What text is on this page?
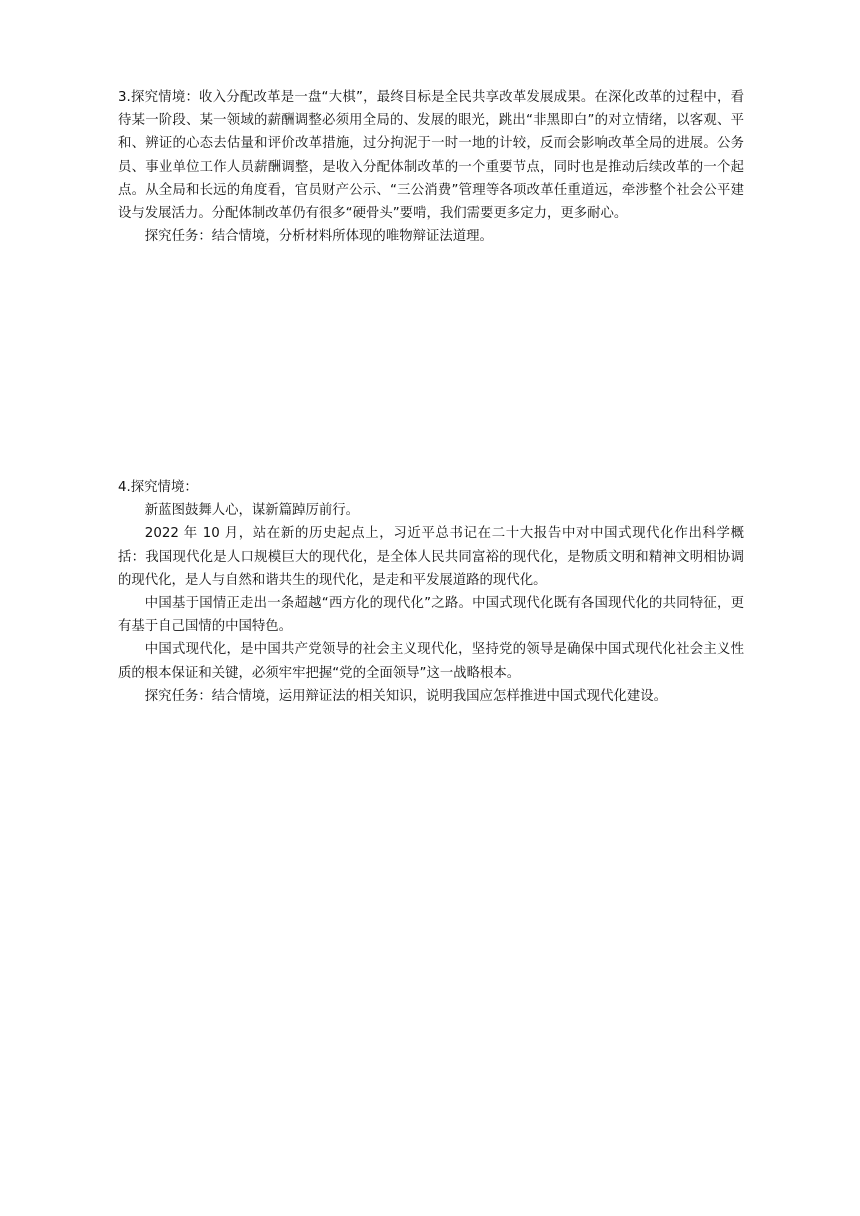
3.探究情境：收入分配改革是一盘“大棋”，最终目标是全民共享改革发展成果。在深化改革的过程中，看待某一阶段、某一领域的薪酬调整必须用全局的、发展的眼光，跳出“非黑即白”的对立情绪，以客观、平和、辨证的心态去估量和评价改革措施，过分拘泥于一时一地的计较，反而会影响改革全局的进展。公务员、事业单位工作人员薪酬调整，是收入分配体制改革的一个重要节点，同时也是推动后续改革的一个起点。从全局和长远的角度看，官员财产公示、“三公消费”管理等各项改革任重道远，牵涉整个社会公平建设与发展活力。分配体制改革仍有很多“硬骨头”要啃，我们需要更多定力，更多耐心。

探究任务：结合情境，分析材料所体现的唯物辩证法道理。

4.探究情境：

新蓝图鼓舞人心，谋新篇踔厉前行。

2022 年 10 月，站在新的历史起点上，习近平总书记在二十大报告中对中国式现代化作出科学概括：我国现代化是人口规模巨大的现代化，是全体人民共同富裕的现代化，是物质文明和精神文明相协调的现代化，是人与自然和谐共生的现代化，是走和平发展道路的现代化。

中国基于国情正走出一条超越“西方化的现代化”之路。中国式现代化既有各国现代化的共同特征，更有基于自己国情的中国特色。

中国式现代化，是中国共产党领导的社会主义现代化，坚持党的领导是确保中国式现代化社会主义性质的根本保证和关键，必须牢牢把握“党的全面领导”这一战略根本。

探究任务：结合情境，运用辩证法的相关知识，说明我国应怎样推进中国式现代化建设。
